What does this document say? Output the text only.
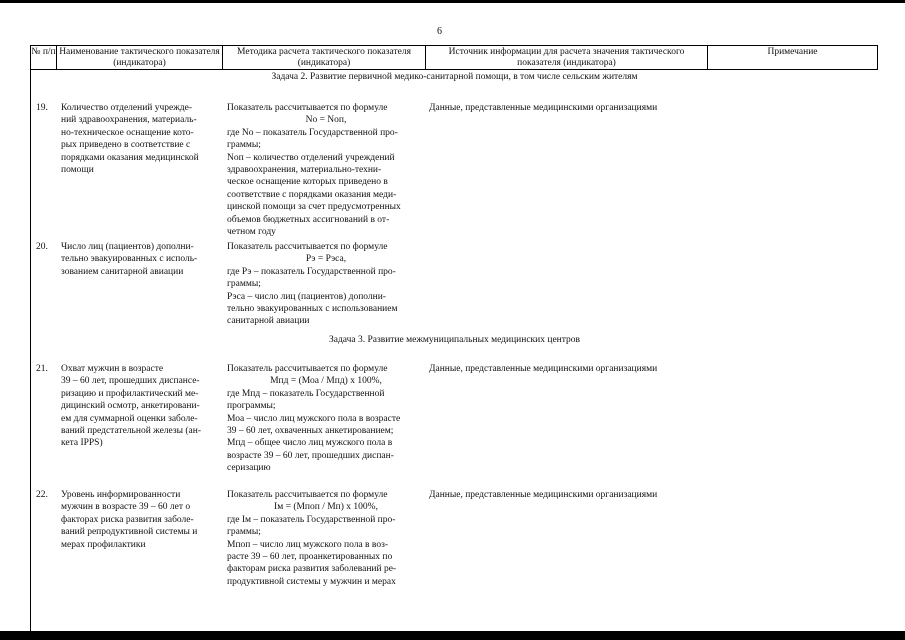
6
№ п/п Наименование тактического показателя (индикатора)
Методика расчета тактического показателя (индикатора)
Источник информации для расчета значения тактического показателя (индикатора)
Примечание
Задача 2. Развитие первичной медико-санитарной помощи, в том числе сельским жителям
19. Количество отделений учрежде-
ний здравоохранения, материаль-
но-техническое оснащение кото-
рых приведено в соответствие с
порядками оказания медицинской
помощи
Показатель рассчитывается по формуле
Nо = Nоп,
где Nо – показатель Государственной про-
граммы;
Nоп – количество отделений учреждений
здравоохранения, материально-техни-
ческое оснащение которых приведено в
соответствие с порядками оказания меди-
цинской помощи за счет предусмотренных
объемов бюджетных ассигнований в от-
четном году
Данные, представленные медицинскими организациями
20. Число лиц (пациентов) дополни-
тельно эвакуированных с исполь-
зованием санитарной авиации
Показатель рассчитывается по формуле
Рэ = Рэса,
где Рэ – показатель Государственной про-
граммы;
Рэса – число лиц (пациентов) дополни-
тельно эвакуированных с использованием
санитарной авиации
Задача 3. Развитие межмуниципальных медицинских центров
21. Охват мужчин в возрасте
39 – 60 лет, прошедших диспансе-
ризацию и профилактический ме-
дицинский осмотр, анкетировани-
ем для суммарной оценки заболе-
ваний предстательной железы (ан-
кета IPPS)
Показатель рассчитывается по формуле
Мпд = (Моа / Мпд) х 100%,
где Мпд – показатель Государственной
программы;
Моа – число лиц мужского пола в возрасте
39 – 60 лет, охваченных анкетированием;
Мпд – общее число лиц мужского пола в
возрасте 39 – 60 лет, прошедших диспан-
серизацию
Данные, представленные медицинскими организациями
22. Уровень информированности
мужчин в возрасте 39 – 60 лет о
факторах риска развития заболе-
ваний репродуктивной системы и
мерах профилактики
Показатель рассчитывается по формуле
Iм = (Мпоп / Мп) х 100%,
где Iм – показатель Государственной про-
граммы;
Мпоп – число лиц мужского пола в воз-
расте 39 – 60 лет, проанкетированных по
факторам риска развития заболеваний ре-
продуктивной системы у мужчин и мерах
Данные, представленные медицинскими организациями
